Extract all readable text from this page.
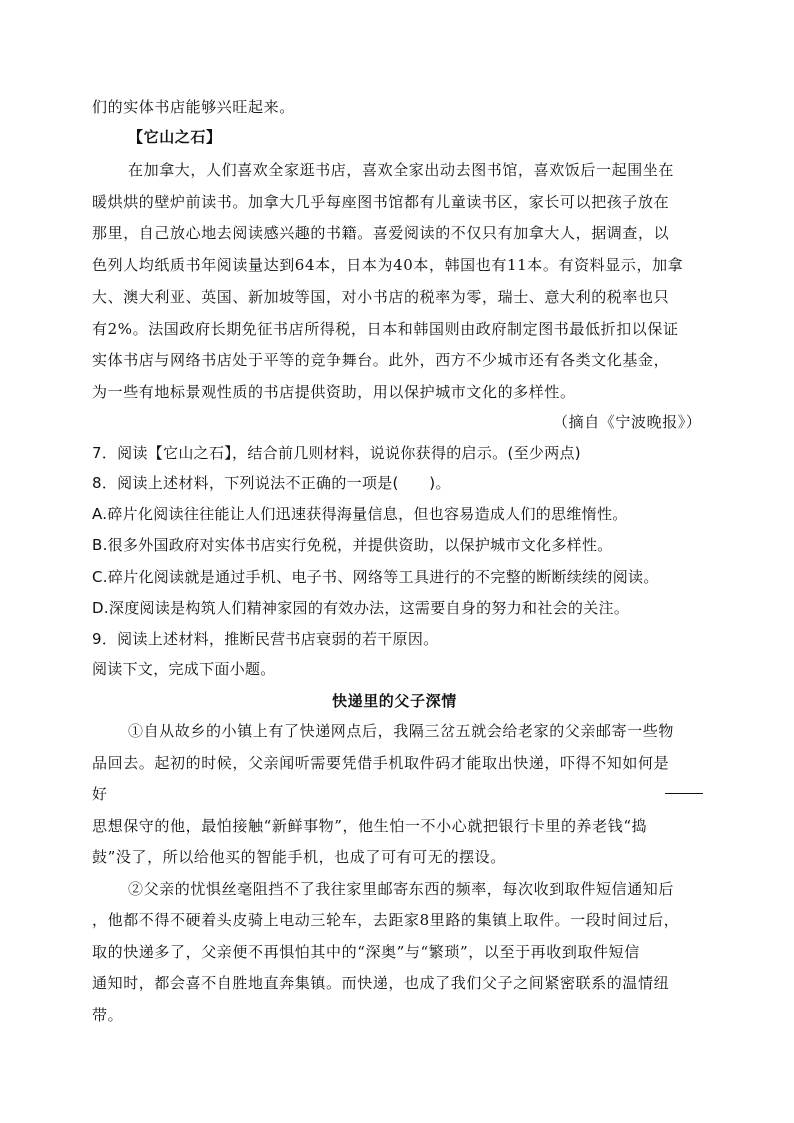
们的实体书店能够兴旺起来。
【它山之石】
在加拿大，人们喜欢全家逛书店，喜欢全家出动去图书馆，喜欢饭后一起围坐在
暖烘烘的壁炉前读书。加拿大几乎每座图书馆都有儿童读书区，家长可以把孩子放在
那里，自己放心地去阅读感兴趣的书籍。喜爱阅读的不仅只有加拿大人，据调查，以
色列人均纸质书年阅读量达到64本，日本为40本，韩国也有11本。有资料显示，加拿
大、澳大利亚、英国、新加坡等国，对小书店的税率为零，瑞士、意大利的税率也只
有2%。法国政府长期免征书店所得税，日本和韩国则由政府制定图书最低折扣以保证
实体书店与网络书店处于平等的竞争舞台。此外，西方不少城市还有各类文化基金，
为一些有地标景观性质的书店提供资助，用以保护城市文化的多样性。
（摘自《宁波晚报》）
7．阅读【它山之石】，结合前几则材料，说说你获得的启示。(至少两点)
8．阅读上述材料，下列说法不正确的一项是(　　)。
A.碎片化阅读往往能让人们迅速获得海量信息，但也容易造成人们的思维惰性。
B.很多外国政府对实体书店实行免税，并提供资助，以保护城市文化多样性。
C.碎片化阅读就是通过手机、电子书、网络等工具进行的不完整的断断续续的阅读。
D.深度阅读是构筑人们精神家园的有效办法，这需要自身的努力和社会的关注。
9．阅读上述材料，推断民营书店衰弱的若干原因。
阅读下文，完成下面小题。
快递里的父子深情
①自从故乡的小镇上有了快递网点后，我隔三岔五就会给老家的父亲邮寄一些物
品回去。起初的时候，父亲闻听需要凭借手机取件码才能取出快递，吓得不知如何是
好
思想保守的他，最怕接触“新鲜事物”，他生怕一不小心就把银行卡里的养老钱“捣
鼓”没了，所以给他买的智能手机，也成了可有可无的摆设。
②父亲的忧惧丝毫阻挡不了我往家里邮寄东西的频率，每次收到取件短信通知后
，他都不得不硬着头皮骑上电动三轮车，去距家8里路的集镇上取件。一段时间过后，
取的快递多了，父亲便不再惧怕其中的“深奥”与“繁琐”，以至于再收到取件短信
通知时，都会喜不自胜地直奔集镇。而快递，也成了我们父子之间紧密联系的温情纽
带。
